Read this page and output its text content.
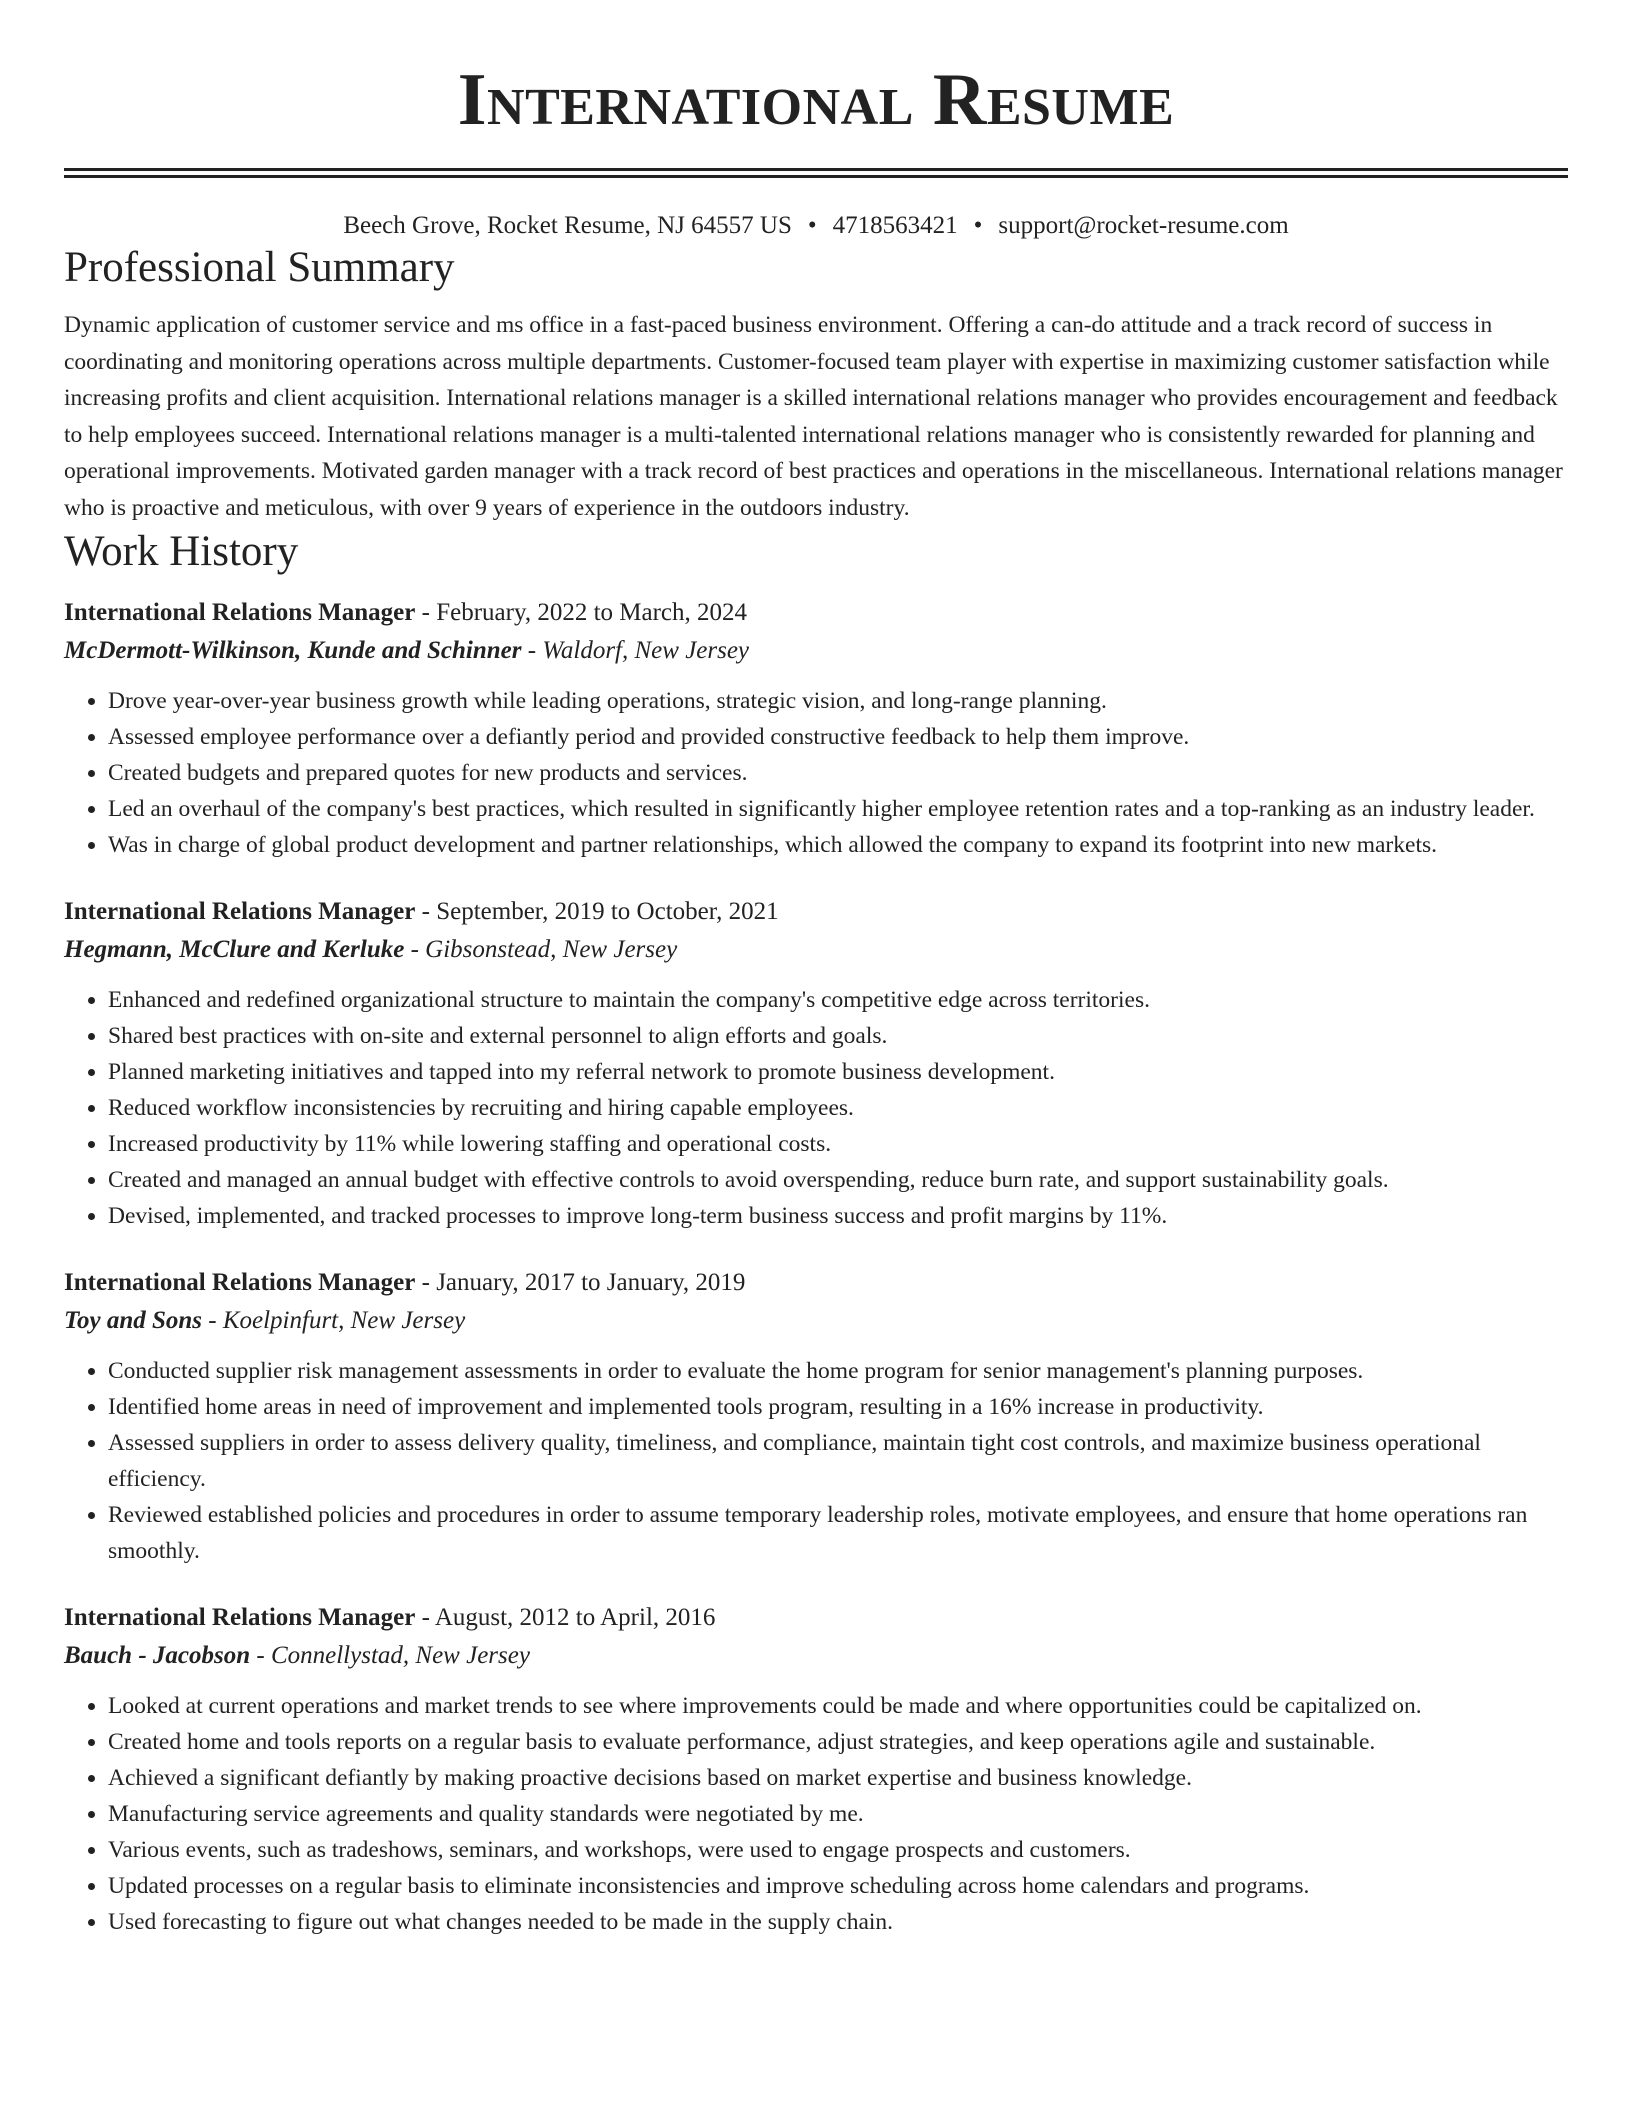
International Resume
Beech Grove, Rocket Resume, NJ 64557 US • 4718563421 • support@rocket-resume.com
Professional Summary
Dynamic application of customer service and ms office in a fast-paced business environment. Offering a can-do attitude and a track record of success in coordinating and monitoring operations across multiple departments. Customer-focused team player with expertise in maximizing customer satisfaction while increasing profits and client acquisition. International relations manager is a skilled international relations manager who provides encouragement and feedback to help employees succeed. International relations manager is a multi-talented international relations manager who is consistently rewarded for planning and operational improvements. Motivated garden manager with a track record of best practices and operations in the miscellaneous. International relations manager who is proactive and meticulous, with over 9 years of experience in the outdoors industry.
Work History
International Relations Manager - February, 2022 to March, 2024
McDermott-Wilkinson, Kunde and Schinner - Waldorf, New Jersey
• Drove year-over-year business growth while leading operations, strategic vision, and long-range planning.
• Assessed employee performance over a defiantly period and provided constructive feedback to help them improve.
• Created budgets and prepared quotes for new products and services.
• Led an overhaul of the company's best practices, which resulted in significantly higher employee retention rates and a top-ranking as an industry leader.
• Was in charge of global product development and partner relationships, which allowed the company to expand its footprint into new markets.
International Relations Manager - September, 2019 to October, 2021
Hegmann, McClure and Kerluke - Gibsonstead, New Jersey
• Enhanced and redefined organizational structure to maintain the company's competitive edge across territories.
• Shared best practices with on-site and external personnel to align efforts and goals.
• Planned marketing initiatives and tapped into my referral network to promote business development.
• Reduced workflow inconsistencies by recruiting and hiring capable employees.
• Increased productivity by 11% while lowering staffing and operational costs.
• Created and managed an annual budget with effective controls to avoid overspending, reduce burn rate, and support sustainability goals.
• Devised, implemented, and tracked processes to improve long-term business success and profit margins by 11%.
International Relations Manager - January, 2017 to January, 2019
Toy and Sons - Koelpinfurt, New Jersey
• Conducted supplier risk management assessments in order to evaluate the home program for senior management's planning purposes.
• Identified home areas in need of improvement and implemented tools program, resulting in a 16% increase in productivity.
• Assessed suppliers in order to assess delivery quality, timeliness, and compliance, maintain tight cost controls, and maximize business operational efficiency.
• Reviewed established policies and procedures in order to assume temporary leadership roles, motivate employees, and ensure that home operations ran smoothly.
International Relations Manager - August, 2012 to April, 2016
Bauch - Jacobson - Connellystad, New Jersey
• Looked at current operations and market trends to see where improvements could be made and where opportunities could be capitalized on.
• Created home and tools reports on a regular basis to evaluate performance, adjust strategies, and keep operations agile and sustainable.
• Achieved a significant defiantly by making proactive decisions based on market expertise and business knowledge.
• Manufacturing service agreements and quality standards were negotiated by me.
• Various events, such as tradeshows, seminars, and workshops, were used to engage prospects and customers.
• Updated processes on a regular basis to eliminate inconsistencies and improve scheduling across home calendars and programs.
• Used forecasting to figure out what changes needed to be made in the supply chain.
